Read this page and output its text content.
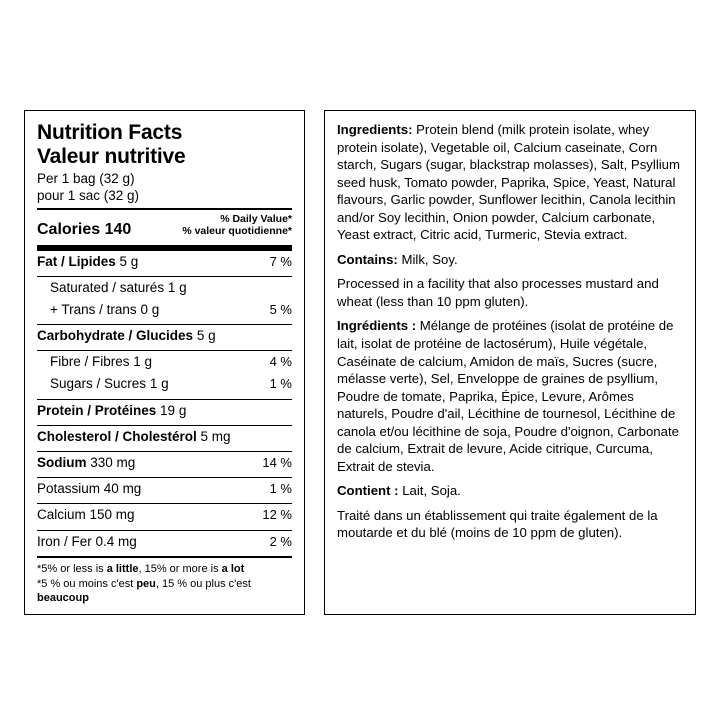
Nutrition Facts
Valeur nutritive
Per 1 bag (32 g)
pour 1 sac (32 g)
Calories 140
% Daily Value*
% valeur quotidienne*
Fat / Lipides 5 g	7 %
Saturated / saturés 1 g
+ Trans / trans 0 g	5 %
Carbohydrate / Glucides 5 g
Fibre / Fibres 1 g	4 %
Sugars / Sucres 1 g	1 %
Protein / Protéines 19 g
Cholesterol / Cholestérol 5 mg
Sodium 330 mg	14 %
Potassium 40 mg	1 %
Calcium 150 mg	12 %
Iron / Fer 0.4 mg	2 %
*5% or less is a little, 15% or more is a lot
*5 % ou moins c'est peu, 15 % ou plus c'est beaucoup

Ingredients: Protein blend (milk protein isolate, whey protein isolate), Vegetable oil, Calcium caseinate, Corn starch, Sugars (sugar, blackstrap molasses), Salt, Psyllium seed husk, Tomato powder, Paprika, Spice, Yeast, Natural flavours, Garlic powder, Sunflower lecithin, Canola lecithin and/or Soy lecithin, Onion powder, Calcium carbonate, Yeast extract, Citric acid, Turmeric, Stevia extract.

Contains: Milk, Soy.

Processed in a facility that also processes mustard and wheat (less than 10 ppm gluten).

Ingrédients : Mélange de protéines (isolat de protéine de lait, isolat de protéine de lactosérum), Huile végétale, Caséinate de calcium, Amidon de maïs, Sucres (sucre, mélasse verte), Sel, Enveloppe de graines de psyllium, Poudre de tomate, Paprika, Épice, Levure, Arômes naturels, Poudre d'ail, Lécithine de tournesol, Lécithine de canola et/ou lécithine de soja, Poudre d'oignon, Carbonate de calcium, Extrait de levure, Acide citrique, Curcuma, Extrait de stevia.

Contient : Lait, Soja.

Traité dans un établissement qui traite également de la moutarde et du blé (moins de 10 ppm de gluten).
